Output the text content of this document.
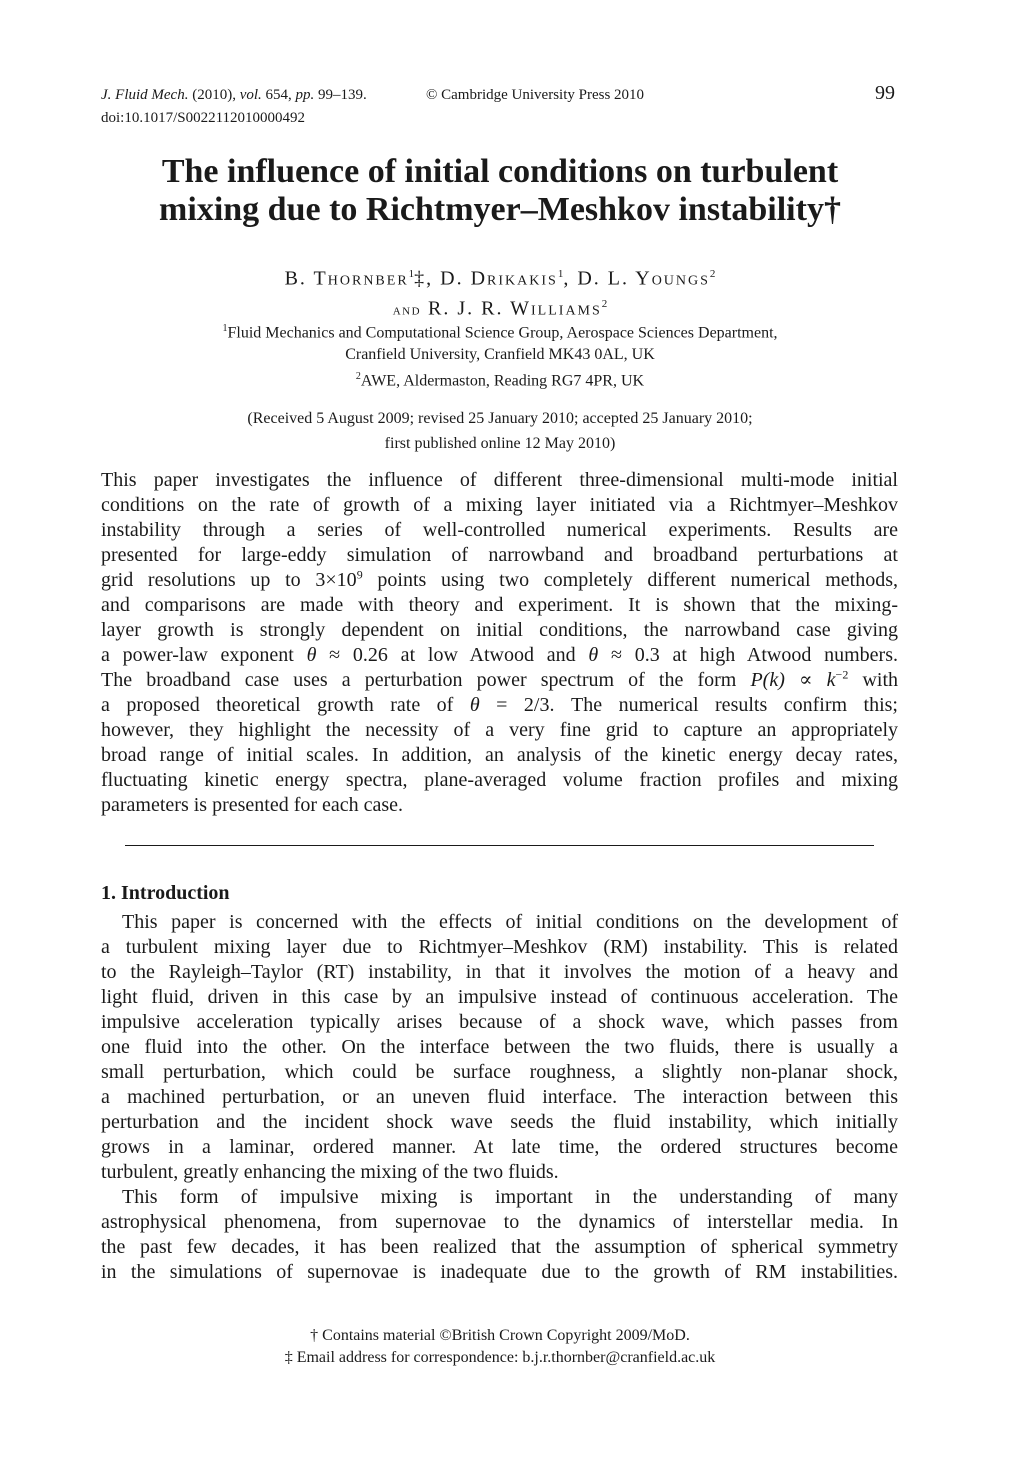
J. Fluid Mech. (2010), vol. 654, pp. 99–139.	© Cambridge University Press 2010	99
doi:10.1017/S0022112010000492
The influence of initial conditions on turbulent
mixing due to Richtmyer–Meshkov instability†
B. Thornber$^1$‡, D. Drikakis$^1$, D. L. Youngs$^2$
and R. J. R. Williams$^2$
$^1$Fluid Mechanics and Computational Science Group, Aerospace Sciences Department,
Cranfield University, Cranfield MK43 0AL, UK
$^2$AWE, Aldermaston, Reading RG7 4PR, UK
(Received 5 August 2009; revised 25 January 2010; accepted 25 January 2010;
first published online 12 May 2010)
This paper investigates the influence of different three-dimensional multi-mode initial
conditions on the rate of growth of a mixing layer initiated via a Richtmyer–Meshkov
instability through a series of well-controlled numerical experiments. Results are
presented for large-eddy simulation of narrowband and broadband perturbations at
grid resolutions up to $3\times 10^9$ points using two completely different numerical methods,
and comparisons are made with theory and experiment. It is shown that the mixing-
layer growth is strongly dependent on initial conditions, the narrowband case giving
a power-law exponent θ ≈ 0.26 at low Atwood and θ ≈ 0.3 at high Atwood numbers.
The broadband case uses a perturbation power spectrum of the form $P(k) \propto k^{-2}$ with
a proposed theoretical growth rate of θ = 2/3. The numerical results confirm this;
however, they highlight the necessity of a very fine grid to capture an appropriately
broad range of initial scales. In addition, an analysis of the kinetic energy decay rates,
fluctuating kinetic energy spectra, plane-averaged volume fraction profiles and mixing
parameters is presented for each case.
1. Introduction
This paper is concerned with the effects of initial conditions on the development of
a turbulent mixing layer due to Richtmyer–Meshkov (RM) instability. This is related
to the Rayleigh–Taylor (RT) instability, in that it involves the motion of a heavy and
light fluid, driven in this case by an impulsive instead of continuous acceleration. The
impulsive acceleration typically arises because of a shock wave, which passes from
one fluid into the other. On the interface between the two fluids, there is usually a
small perturbation, which could be surface roughness, a slightly non-planar shock,
a machined perturbation, or an uneven fluid interface. The interaction between this
perturbation and the incident shock wave seeds the fluid instability, which initially
grows in a laminar, ordered manner. At late time, the ordered structures become
turbulent, greatly enhancing the mixing of the two fluids.
This form of impulsive mixing is important in the understanding of many
astrophysical phenomena, from supernovae to the dynamics of interstellar media. In
the past few decades, it has been realized that the assumption of spherical symmetry
in the simulations of supernovae is inadequate due to the growth of RM instabilities.
† Contains material ©British Crown Copyright 2009/MoD.
‡ Email address for correspondence: b.j.r.thornber@cranfield.ac.uk
